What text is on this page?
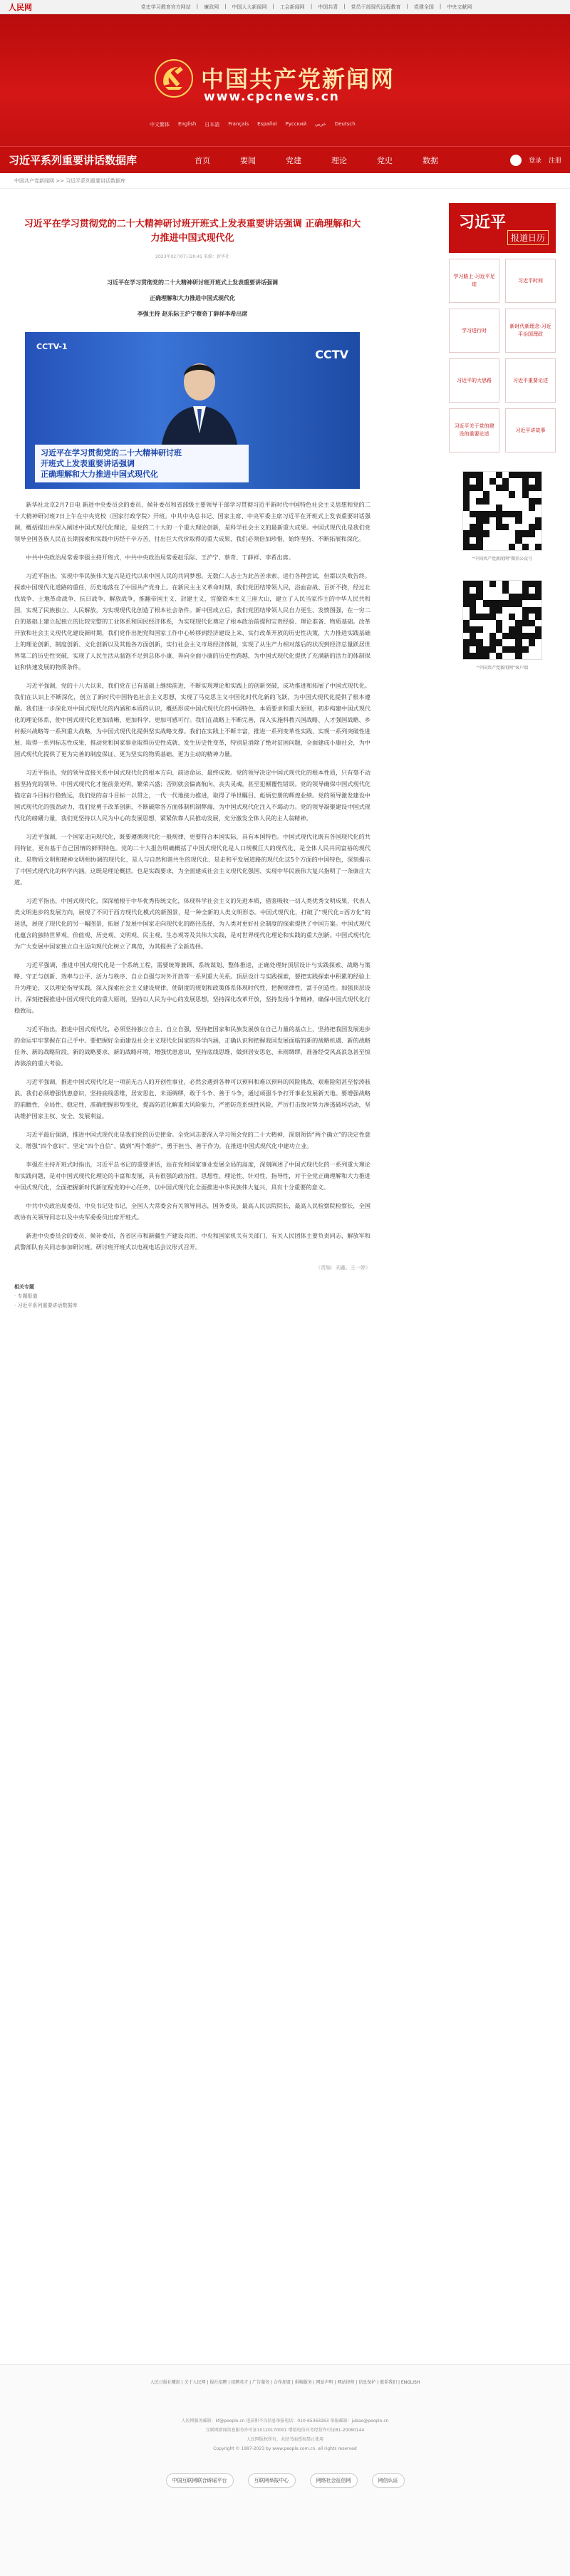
人民网	党史学习教育官方网站 | 廉政网 | 中国人大新闻网 | 工会新闻网 | 中国共青 | 党员干部现代远程教育 | 党建全国 | 中央文献网
中国共产党新闻网
www.cpcnews.cn
中文繁体 English 日本語 Français Español Русский عربي Deutsch
习近平系列重要讲话数据库	首页	要闻	党建	理论	党史	数据	⚲	登录 注册
中国共产党新闻网 >> 习近平系列重要讲话数据库
习近平在学习贯彻党的二十大精神研讨班开班式上发表重要讲话强调 正确理解和大力推进中国式现代化
2023年02月07日20:41 来源：新华社
习近平在学习贯彻党的二十大精神研讨班开班式上发表重要讲话强调
正确理解和大力推进中国式现代化
李强主持 赵乐际王沪宁蔡奇丁薛祥李希出席
CCTV-1
CCTV
习近平在学习贯彻党的二十大精神研讨班
开班式上发表重要讲话强调
正确理解和大力推进中国式现代化

新华社北京2月7日电 新进中央委员会的委员、候补委员和省部级主要领导干部学习贯彻习近平新时代中国特色社会主义思想和党的二十大精神研讨班7日上午在中央党校（国家行政学院）开班。中共中央总书记、国家主席、中央军委主席习近平在开班式上发表重要讲话强调，概括提出并深入阐述中国式现代化理论，是党的二十大的一个重大理论创新，是科学社会主义的最新重大成果。中国式现代化是我们党领导全国各族人民在长期探索和实践中历经千辛万苦、付出巨大代价取得的重大成果，我们必须倍加珍惜、始终坚持、不断拓展和深化。

中共中央政治局常委李强主持开班式，中共中央政治局常委赵乐际、王沪宁、蔡奇、丁薛祥、李希出席。

习近平指出，实现中华民族伟大复兴是近代以来中国人民的共同梦想。无数仁人志士为此苦苦求索、进行各种尝试，但都以失败告终。探索中国现代化道路的重任，历史地落在了中国共产党身上。在新民主主义革命时期，我们党团结带领人民，浴血奋战、百折不挠，经过北伐战争、土地革命战争、抗日战争、解放战争，推翻帝国主义、封建主义、官僚资本主义三座大山，建立了人民当家作主的中华人民共和国，实现了民族独立、人民解放，为实现现代化创造了根本社会条件。新中国成立后，我们党团结带领人民自力更生、发愤图强，在一穷二白的基础上建立起独立的比较完整的工业体系和国民经济体系，为实现现代化奠定了根本政治前提和宝贵经验、理论准备、物质基础。改革开放和社会主义现代化建设新时期，我们党作出把党和国家工作中心转移到经济建设上来、实行改革开放的历史性决策，大力推进实践基础上的理论创新、制度创新、文化创新以及其他各方面创新，实行社会主义市场经济体制，实现了从生产力相对落后的状况到经济总量跃居世界第二的历史性突破，实现了人民生活从温饱不足到总体小康、奔向全面小康的历史性跨越，为中国式现代化提供了充满新的活力的体制保证和快速发展的物质条件。

习近平强调，党的十八大以来，我们党在已有基础上继续前进，不断实现理论和实践上的创新突破，成功推进和拓展了中国式现代化。我们在认识上不断深化，创立了新时代中国特色社会主义思想，实现了马克思主义中国化时代化新的飞跃，为中国式现代化提供了根本遵循。我们进一步深化对中国式现代化的内涵和本质的认识，概括形成中国式现代化的中国特色、本质要求和重大原则，初步构建中国式现代化的理论体系，使中国式现代化更加清晰、更加科学、更加可感可行。我们在战略上不断完善，深入实施科教兴国战略、人才强国战略、乡村振兴战略等一系列重大战略，为中国式现代化提供坚实战略支撑。我们在实践上不断丰富，推进一系列变革性实践、实现一系列突破性进展、取得一系列标志性成果，推动党和国家事业取得历史性成就、发生历史性变革，特别是消除了绝对贫困问题，全面建成小康社会，为中国式现代化提供了更为完善的制度保证、更为坚实的物质基础、更为主动的精神力量。

习近平指出，党的领导直接关系中国式现代化的根本方向、前途命运、最终成败。党的领导决定中国式现代化的根本性质，只有毫不动摇坚持党的领导，中国式现代化才能前景光明、繁荣兴盛；否则就会偏离航向、丧失灵魂，甚至犯颠覆性错误。党的领导确保中国式现代化锚定奋斗目标行稳致远，我们党的奋斗目标一以贯之，一代一代地接力推进，取得了举世瞩目、彪炳史册的辉煌业绩。党的领导激发建设中国式现代化的强劲动力，我们党勇于改革创新，不断破除各方面体制机制弊端，为中国式现代化注入不竭动力。党的领导凝聚建设中国式现代化的磅礴力量，我们党坚持以人民为中心的发展思想，紧紧依靠人民推动发展，充分激发全体人民的主人翁精神。

习近平强调，一个国家走向现代化，既要遵循现代化一般规律，更要符合本国实际，具有本国特色。中国式现代化既有各国现代化的共同特征，更有基于自己国情的鲜明特色。党的二十大报告明确概括了中国式现代化是人口规模巨大的现代化、是全体人民共同富裕的现代化、是物质文明和精神文明相协调的现代化、是人与自然和谐共生的现代化、是走和平发展道路的现代化这5个方面的中国特色，深刻揭示了中国式现代化的科学内涵。这既是理论概括，也是实践要求，为全面建成社会主义现代化强国、实现中华民族伟大复兴指明了一条康庄大道。

习近平指出，中国式现代化，深深植根于中华优秀传统文化，体现科学社会主义的先进本质，借鉴吸收一切人类优秀文明成果，代表人类文明进步的发展方向，展现了不同于西方现代化模式的新图景，是一种全新的人类文明形态。中国式现代化，打破了“现代化=西方化”的迷思，展现了现代化的另一幅图景，拓展了发展中国家走向现代化的路径选择，为人类对更好社会制度的探索提供了中国方案。中国式现代化蕴含的独特世界观、价值观、历史观、文明观、民主观、生态观等及其伟大实践，是对世界现代化理论和实践的重大创新。中国式现代化为广大发展中国家独立自主迈向现代化树立了典范，为其提供了全新选择。

习近平强调，推进中国式现代化是一个系统工程，需要统筹兼顾、系统谋划、整体推进，正确处理好顶层设计与实践探索、战略与策略、守正与创新、效率与公平、活力与秩序、自立自强与对外开放等一系列重大关系。顶层设计与实践探索，要把实践探索中积累的经验上升为理论，又以理论指导实践，深入探索社会主义建设规律，使制度的规划和政策体系体现时代性，把握规律性，富于创造性。加强顶层设计，深刻把握推进中国式现代化的重大原则，坚持以人民为中心的发展思想，坚持深化改革开放，坚持发扬斗争精神，确保中国式现代化行稳致远。

习近平指出，推进中国式现代化，必须坚持独立自主、自立自强，坚持把国家和民族发展放在自己力量的基点上，坚持把我国发展进步的命运牢牢掌握在自己手中。要把握好全面建设社会主义现代化国家的科学内涵，正确认识和把握我国发展面临的新的战略机遇、新的战略任务、新的战略阶段、新的战略要求、新的战略环境，增强忧患意识，坚持底线思维，做到居安思危、未雨绸缪，准备经受风高浪急甚至惊涛骇浪的重大考验。

习近平强调，推进中国式现代化是一项前无古人的开创性事业，必然会遇到各种可以预料和难以预料的风险挑战、艰难险阻甚至惊涛骇浪。我们必须增强忧患意识，坚持底线思维，居安思危、未雨绸缪，敢于斗争、善于斗争，通过顽强斗争打开事业发展新天地。要增强战略的前瞻性、全局性、稳定性，准确把握形势变化，提高防范化解重大风险能力，严密防范系统性风险，严厉打击敌对势力渗透破坏活动，坚决维护国家主权、安全、发展利益。

习近平最后强调，推进中国式现代化是我们党的历史使命。全党同志要深入学习领会党的二十大精神，深刻领悟“两个确立”的决定性意义，增强“四个意识”、坚定“四个自信”、做到“两个维护”，勇于担当、善于作为，在推进中国式现代化中建功立业。

李强在主持开班式时指出，习近平总书记的重要讲话，站在党和国家事业发展全局的高度，深刻阐述了中国式现代化的一系列重大理论和实践问题，是对中国式现代化理论的丰富和发展，具有很强的政治性、思想性、理论性、针对性、指导性，对于全党正确理解和大力推进中国式现代化，全面把握新时代新征程党的中心任务，以中国式现代化全面推进中华民族伟大复兴，具有十分重要的意义。

中共中央政治局委员、中央书记处书记，全国人大常委会有关领导同志，国务委员，最高人民法院院长，最高人民检察院检察长，全国政协有关领导同志以及中央军委委员出席开班式。

新进中央委员会的委员、候补委员，各省区市和新疆生产建设兵团、中央和国家机关有关部门、有关人民团体主要负责同志，解放军和武警部队有关同志参加研讨班。研讨班开班式以电视电话会议形式召开。

（责编：刘鑫、王一婷）
相关专题
· 专题报道
· 习近平系列重要讲话数据库
习近平
报道日历
学习路上·习近平足迹
习近平时间
学习进行时
新时代新理念·习近平治国理政
习近平的大思路	习近平重要论述
习近平关于党的建设的重要论述
习近平讲故事
“中国共产党新闻网”微信公众号
“中国共产党新闻网”客户端
人民日报社概况 | 关于人民网 | 报社招聘 | 招聘英才 | 广告服务 | 合作加盟 | 供稿服务 | 网站声明 | 网站律师 | 信息保护 | 联系我们 | ENGLISH
人民网服务邮箱：kf@people.cn 违法和不良信息举报电话：010-65363263 举报邮箱：jubao@people.cn
互联网新闻信息服务许可证10120170001 增值电信业务经营许可证B1-20060144
人民网版权所有，未经书面授权禁止使用
Copyright © 1997-2023 by www.people.com.cn. all rights reserved
中国互联网联合辟谣平台	互联网举报中心	网络社会征信网	网信认证
